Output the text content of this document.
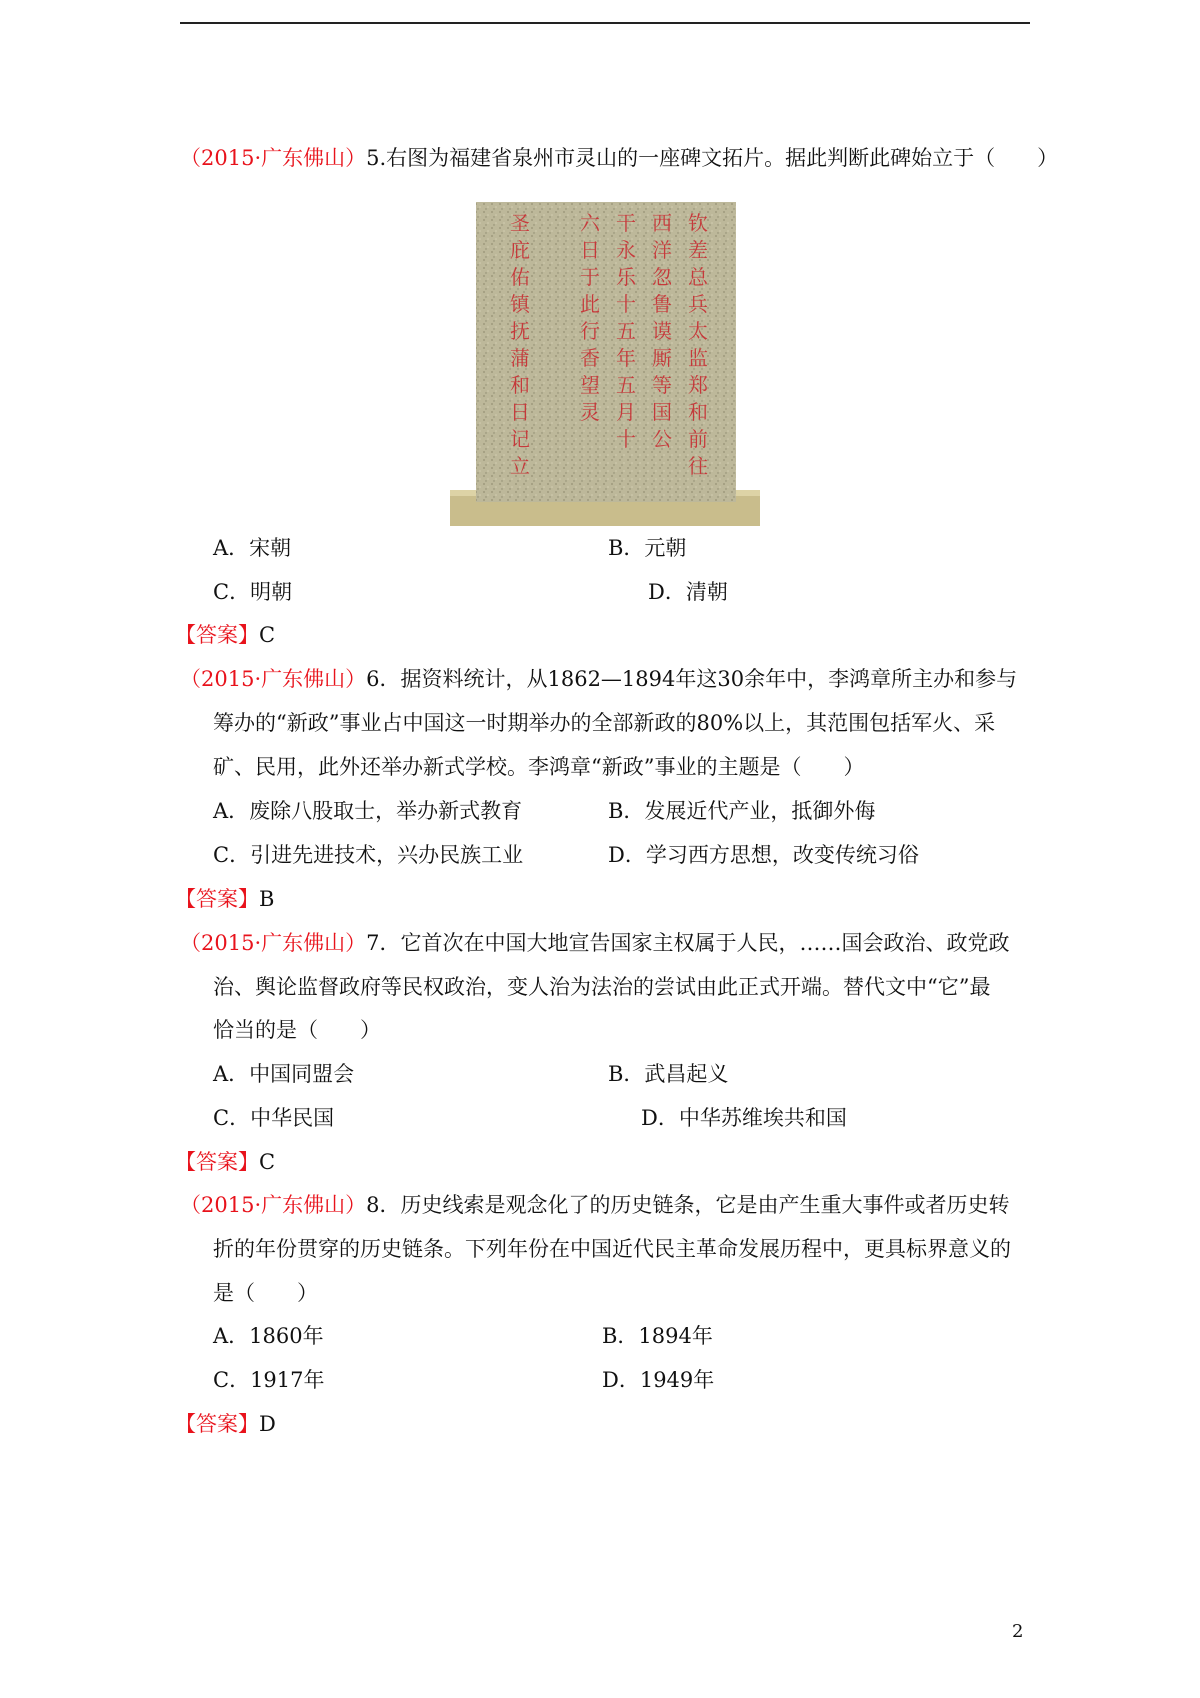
（2015·广东佛山）5.右图为福建省泉州市灵山的一座碑文拓片。据此判断此碑始立于（　　）
钦
差
总
兵
太
监
郑
和
前
往
西
洋
忽
鲁
谟
厮
等
国
公
干
永
乐
十
五
年
五
月
十
六
日
于
此
行
香
望
灵
圣
庇
佑
镇
抚
蒲
和
日
记
立
A．宋朝	B．元朝
C．明朝	D．清朝
【答案】C
（2015·广东佛山）6．据资料统计，从1862—1894年这30余年中，李鸿章所主办和参与
筹办的“新政”事业占中国这一时期举办的全部新政的80%以上，其范围包括军火、采
矿、民用，此外还举办新式学校。李鸿章“新政”事业的主题是（　　）
A．废除八股取士，举办新式教育	B．发展近代产业，抵御外侮
C．引进先进技术，兴办民族工业	D．学习西方思想，改变传统习俗
【答案】B
（2015·广东佛山）7．它首次在中国大地宣告国家主权属于人民，……国会政治、政党政
治、舆论监督政府等民权政治，变人治为法治的尝试由此正式开端。替代文中“它”最
恰当的是（　　）
A．中国同盟会	B．武昌起义
C．中华民国	D．中华苏维埃共和国
【答案】C
（2015·广东佛山）8．历史线索是观念化了的历史链条，它是由产生重大事件或者历史转
折的年份贯穿的历史链条。下列年份在中国近代民主革命发展历程中，更具标界意义的
是（　　）
A．1860年	B．1894年
C．1917年	D．1949年
【答案】D
2
